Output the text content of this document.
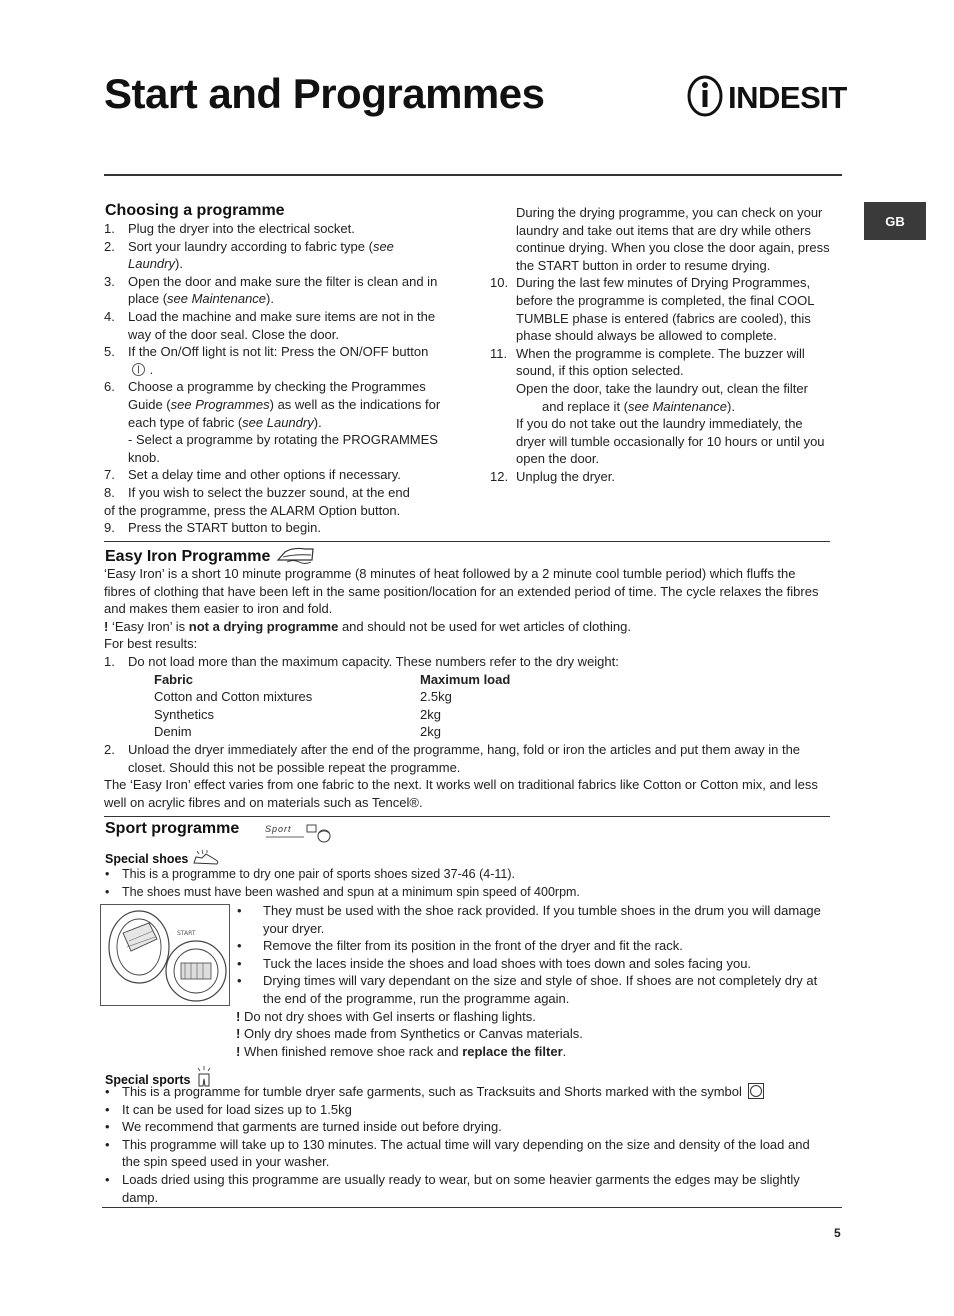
Start and Programmes	INDESIT
GB
Choosing a programme
1.	Plug the dryer into the electrical socket.
2.	Sort your laundry according to fabric type (see Laundry).
3.	Open the door and make sure the filter is clean and in place (see Maintenance).
4.	Load the machine and make sure items are not in the way of the door seal. Close the door.
5.	If the On/Off light is not lit: Press the ON/OFF button  .
6.	Choose a programme by checking the Programmes Guide (see Programmes) as well as the indications for each type of fabric (see Laundry).
- Select a programme by rotating the PROGRAMMES knob.
7.	Set a delay time and other options if necessary.
8.	If you wish to select the buzzer sound, at the end
of the programme, press the ALARM Option button.
9.	Press the START button to begin.
During the drying programme, you can check on your laundry and take out items that are dry while others continue drying. When you close the door again, press the START button in order to resume drying.
10. During the last few minutes of Drying Programmes, before the programme is completed, the final COOL TUMBLE phase is entered (fabrics are cooled), this phase should always be allowed to complete.
11. When the programme is complete. The buzzer will sound, if this option selected.
Open the door, take the laundry out, clean the filter
and replace it (see Maintenance).
If you do not take out the laundry immediately, the dryer will tumble occasionally for 10 hours or until you open the door.
12. Unplug the dryer.
Easy Iron Programme
‘Easy Iron’ is a short 10 minute programme (8 minutes of heat followed by a 2 minute cool tumble period) which fluffs the fibres of clothing that have been left in the same position/location for an extended period of time. The cycle relaxes the fibres and makes them easier to iron and fold.
! ‘Easy Iron’ is not a drying programme and should not be used for wet articles of clothing.
For best results:
1.	Do not load more than the maximum capacity. These numbers refer to the dry weight:
Fabric	Maximum load
Cotton and Cotton mixtures	2.5kg
Synthetics	2kg
Denim	2kg
2.	Unload the dryer immediately after the end of the programme, hang, fold or iron the articles and put them away in the closet. Should this not be possible repeat the programme.
The ‘Easy Iron’ effect varies from one fabric to the next. It works well on traditional fabrics like Cotton or Cotton mix, and less well on acrylic fibres and on materials such as Tencel®.
Sport programme	Sport
Special shoes
•	This is a programme to dry one pair of sports shoes sized 37-46 (4-11).
•	The shoes must have been washed and spun at a minimum spin speed of 400rpm.
START
•	They must be used with the shoe rack provided. If you tumble shoes in the drum you will damage your dryer.
•	Remove the filter from its position in the front of the dryer and fit the rack.
•	Tuck the laces inside the shoes and load shoes with toes down and soles facing you.
•	Drying times will vary dependant on the size and style of shoe. If shoes are not completely dry at the end of the programme, run the programme again.
! Do not dry shoes with Gel inserts or flashing lights.
! Only dry shoes made from Synthetics or Canvas materials.
! When finished remove shoe rack and replace the filter.
Special sports
• This is a programme for tumble dryer safe garments, such as Tracksuits and Shorts marked with the symbol
• It can be used for load sizes up to 1.5kg
• We recommend that garments are turned inside out before drying.
• This programme will take up to 130 minutes. The actual time will vary depending on the size and density of the load and the spin speed used in your washer.
• Loads dried using this programme are usually ready to wear, but on some heavier garments the edges may be slightly damp.
5
